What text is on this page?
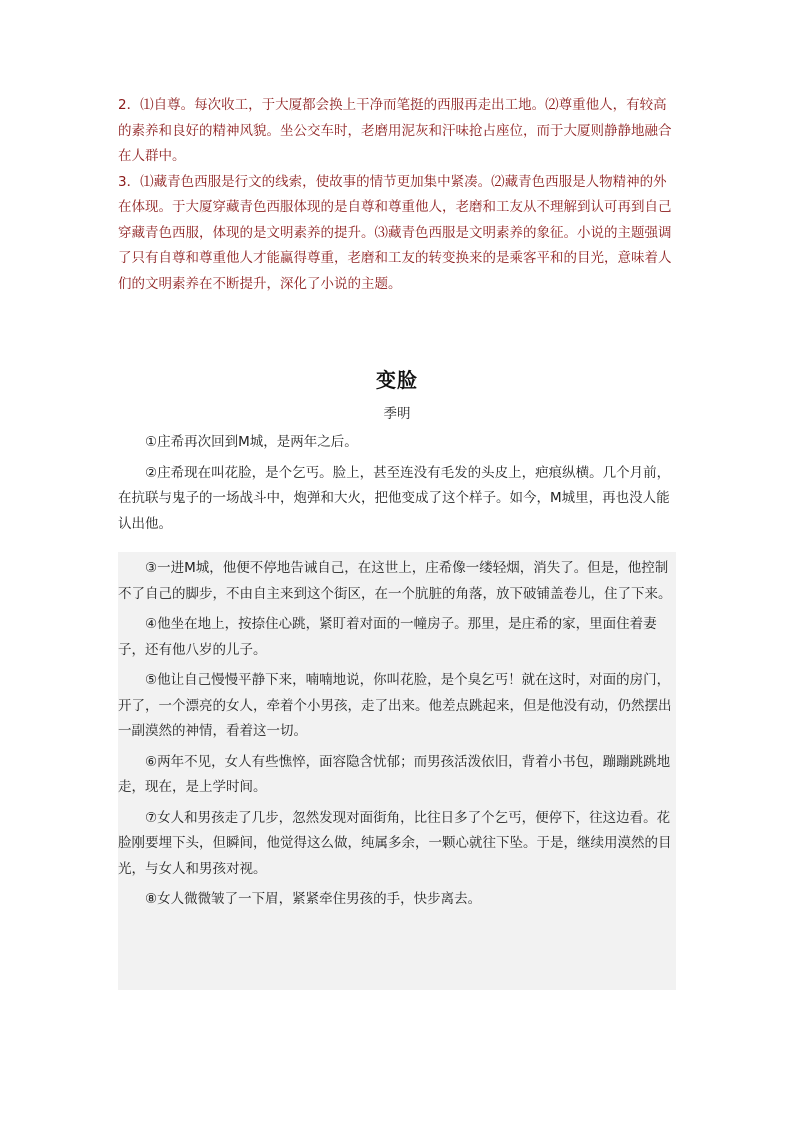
2．⑴自尊。每次收工，于大厦都会换上干净而笔挺的西服再走出工地。⑵尊重他人，有较高的素养和良好的精神风貌。坐公交车时，老磨用泥灰和汗味抢占座位，而于大厦则静静地融合在人群中。

3．⑴藏青色西服是行文的线索，使故事的情节更加集中紧凑。⑵藏青色西服是人物精神的外在体现。于大厦穿藏青色西服体现的是自尊和尊重他人，老磨和工友从不理解到认可再到自己穿藏青色西服，体现的是文明素养的提升。⑶藏青色西服是文明素养的象征。小说的主题强调了只有自尊和尊重他人才能赢得尊重，老磨和工友的转变换来的是乘客平和的目光，意味着人们的文明素养在不断提升，深化了小说的主题。

变脸
季明

①庄希再次回到M城，是两年之后。

②庄希现在叫花脸，是个乞丐。脸上，甚至连没有毛发的头皮上，疤痕纵横。几个月前，在抗联与鬼子的一场战斗中，炮弹和大火，把他变成了这个样子。如今，M城里，再也没人能认出他。

③一进M城，他便不停地告诫自己，在这世上，庄希像一缕轻烟，消失了。但是，他控制不了自己的脚步，不由自主来到这个街区，在一个肮脏的角落，放下破铺盖卷儿，住了下来。

④他坐在地上，按捺住心跳，紧盯着对面的一幢房子。那里，是庄希的家，里面住着妻子，还有他八岁的儿子。

⑤他让自己慢慢平静下来，喃喃地说，你叫花脸，是个臭乞丐！就在这时，对面的房门，开了，一个漂亮的女人，牵着个小男孩，走了出来。他差点跳起来，但是他没有动，仍然摆出一副漠然的神情，看着这一切。

⑥两年不见，女人有些憔悴，面容隐含忧郁；而男孩活泼依旧，背着小书包，蹦蹦跳跳地走，现在，是上学时间。

⑦女人和男孩走了几步，忽然发现对面街角，比往日多了个乞丐，便停下，往这边看。花脸刚要埋下头，但瞬间，他觉得这么做，纯属多余，一颗心就往下坠。于是，继续用漠然的目光，与女人和男孩对视。

⑧女人微微皱了一下眉，紧紧牵住男孩的手，快步离去。
